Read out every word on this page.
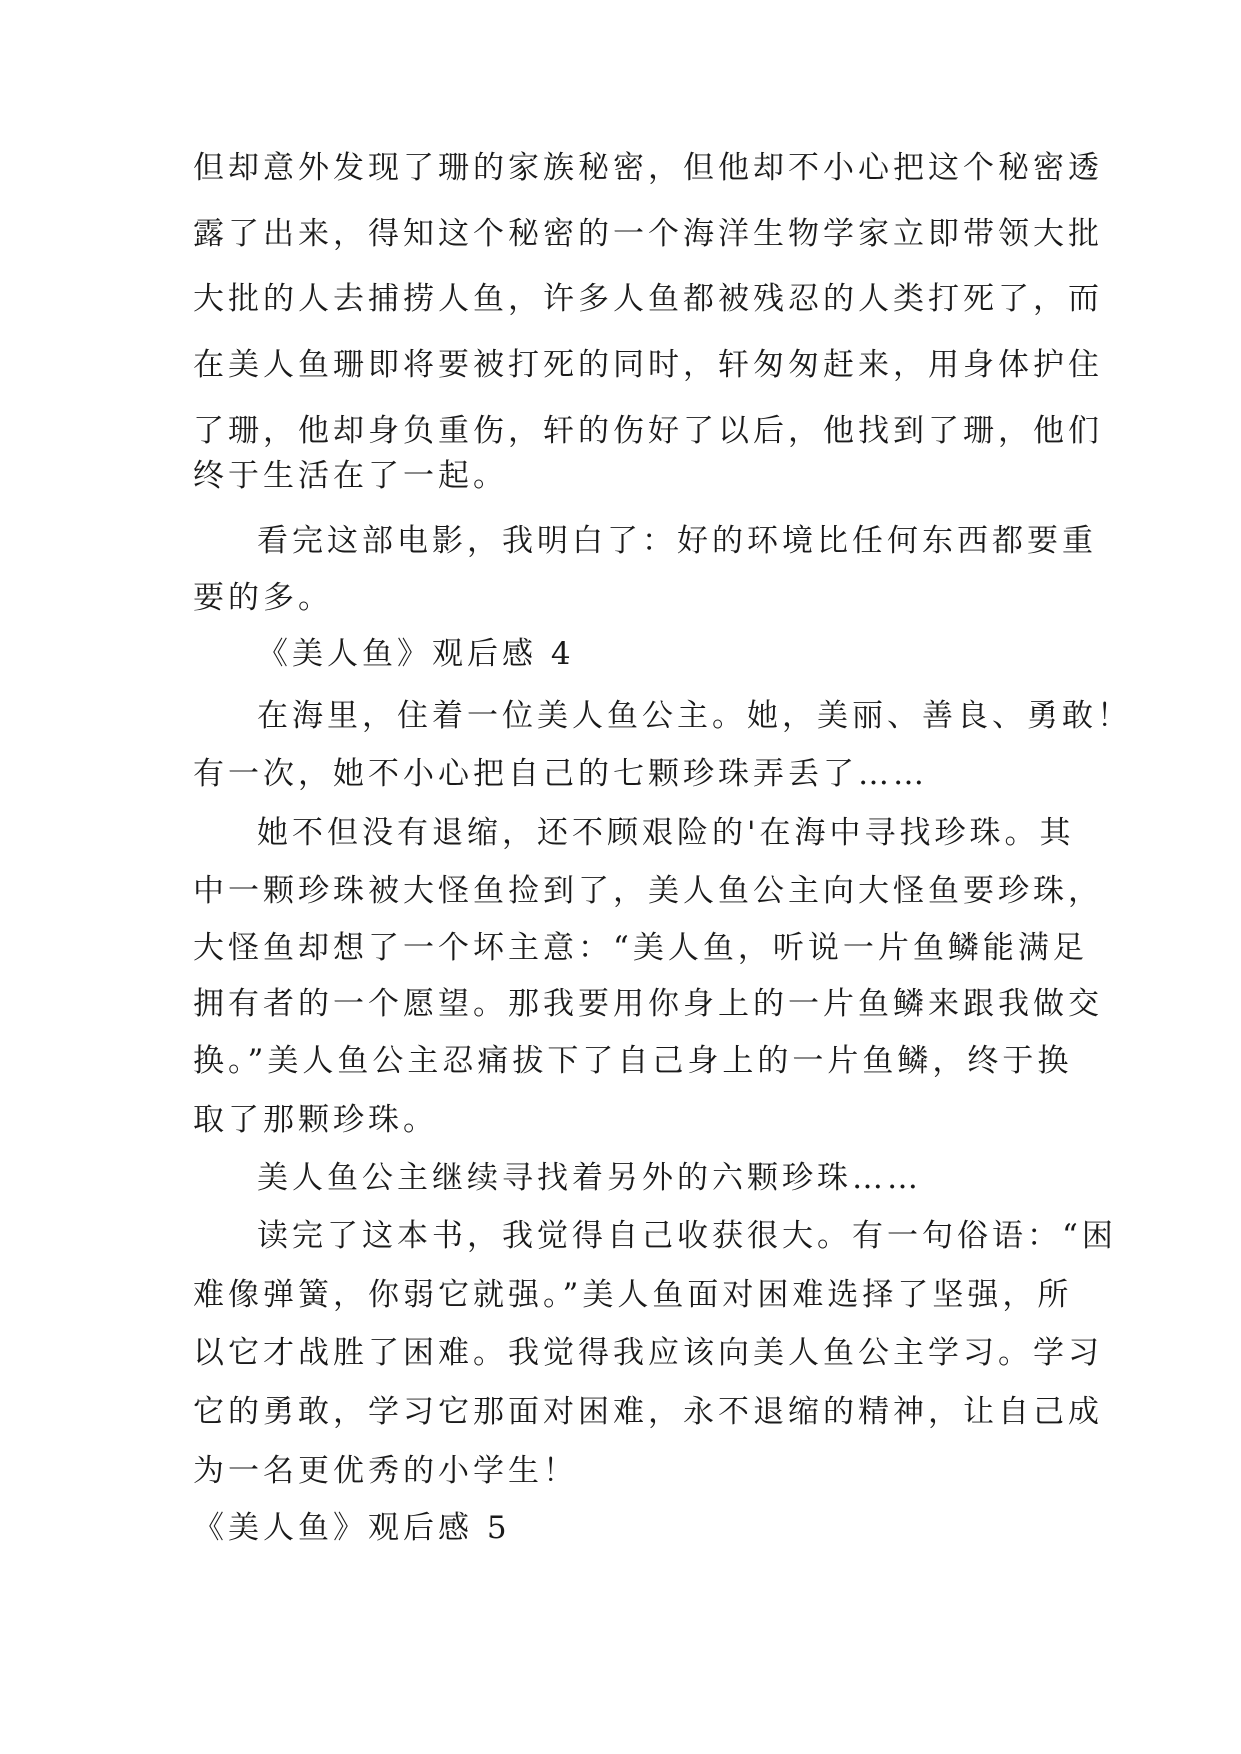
但却意外发现了珊的家族秘密，但他却不小心把这个秘密透
露了出来，得知这个秘密的一个海洋生物学家立即带领大批
大批的人去捕捞人鱼，许多人鱼都被残忍的人类打死了，而
在美人鱼珊即将要被打死的同时，轩匆匆赶来，用身体护住
了珊，他却身负重伤，轩的伤好了以后，他找到了珊，他们
终于生活在了一起。
看完这部电影，我明白了：好的环境比任何东西都要重
要的多。
《美人鱼》观后感 4
在海里，住着一位美人鱼公主。她，美丽、善良、勇敢！
有一次，她不小心把自己的七颗珍珠弄丢了……
她不但没有退缩，还不顾艰险的'在海中寻找珍珠。其
中一颗珍珠被大怪鱼捡到了，美人鱼公主向大怪鱼要珍珠，
大怪鱼却想了一个坏主意：“美人鱼，听说一片鱼鳞能满足
拥有者的一个愿望。那我要用你身上的一片鱼鳞来跟我做交
换。”美人鱼公主忍痛拔下了自己身上的一片鱼鳞，终于换
取了那颗珍珠。
美人鱼公主继续寻找着另外的六颗珍珠……
读完了这本书，我觉得自己收获很大。有一句俗语：“困
难像弹簧，你弱它就强。”美人鱼面对困难选择了坚强，所
以它才战胜了困难。我觉得我应该向美人鱼公主学习。学习
它的勇敢，学习它那面对困难，永不退缩的精神，让自己成
为一名更优秀的小学生！
《美人鱼》观后感 5
